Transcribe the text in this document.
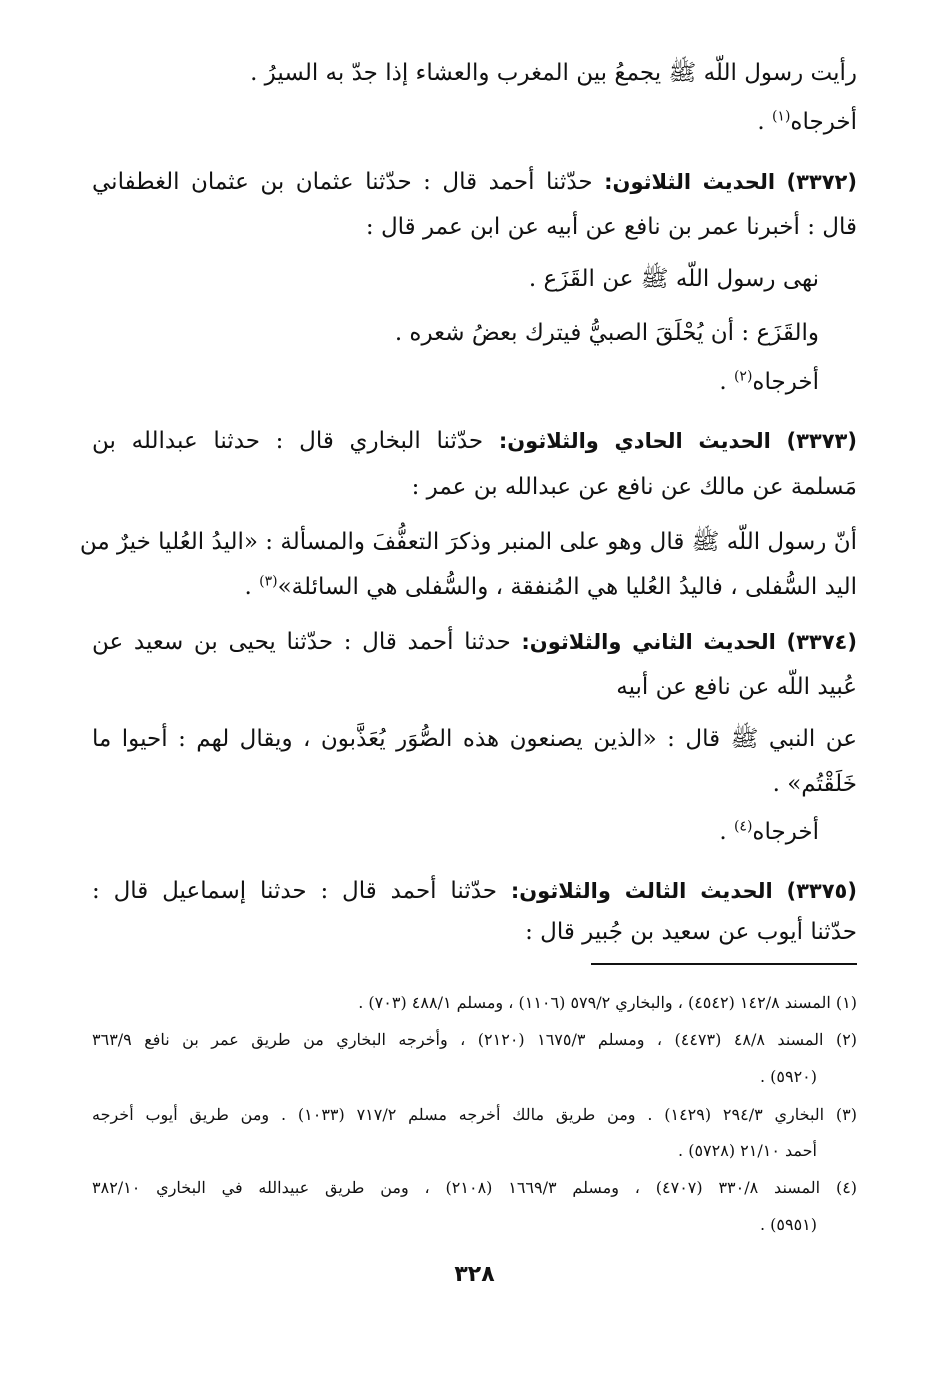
رأيت رسول اللّه ﷺ يجمعُ بين المغرب والعشاء إذا جدّ به السيرُ .
أخرجاه$^{(١)}$ .
(٣٣٧٢) الحديث الثلاثون: حدّثنا أحمد قال : حدّثنا عثمان بن عثمان الغطفاني
قال : أخبرنا عمر بن نافع عن أبيه عن ابن عمر قال :
نهى رسول اللّه ﷺ عن القَزَع .
والقَزَع : أن يُحْلَقَ الصبيُّ فيترك بعضُ شعره .
أخرجاه$^{(٢)}$ .
(٣٣٧٣) الحديث الحادي والثلاثون: حدّثنا البخاري قال : حدثنا عبدالله بن
مَسلمة عن مالك عن نافع عن عبدالله بن عمر :
أنّ رسول اللّه ﷺ قال وهو على المنبر وذكرَ التعفُّفَ والمسألة : «اليدُ العُليا خيرٌ من
اليد السُّفلى ، فاليدُ العُليا هي المُنفقة ، والسُّفلى هي السائلة»$^{(٣)}$ .
(٣٣٧٤) الحديث الثاني والثلاثون: حدثنا أحمد قال : حدّثنا يحيى بن سعيد عن
عُبيد اللّه عن نافع عن أبيه
عن النبي ﷺ قال : «الذين يصنعون هذه الصُّوَر يُعَذَّبون ، ويقال لهم : أحيوا ما
خَلَقْتُم» .
أخرجاه$^{(٤)}$ .
(٣٣٧٥) الحديث الثالث والثلاثون: حدّثنا أحمد قال : حدثنا إسماعيل قال :
حدّثنا أيوب عن سعيد بن جُبير قال :
(١) المسند ١٤٢/٨ (٤٥٤٢) ، والبخاري ٥٧٩/٢ (١١٠٦) ، ومسلم ٤٨٨/١ (٧٠٣) .
(٢) المسند ٤٨/٨ (٤٤٧٣) ، ومسلم ١٦٧٥/٣ (٢١٢٠) ، وأخرجه البخاري من طريق عمر بن نافع ٣٦٣/٩
(٥٩٢٠) .
(٣) البخاري ٢٩٤/٣ (١٤٢٩) . ومن طريق مالك أخرجه مسلم ٧١٧/٢ (١٠٣٣) . ومن طريق أيوب أخرجه
أحمد ٢١/١٠ (٥٧٢٨) .
(٤) المسند ٣٣٠/٨ (٤٧٠٧) ، ومسلم ١٦٦٩/٣ (٢١٠٨) ، ومن طريق عبيدالله في البخاري ٣٨٢/١٠
(٥٩٥١) .
٣٢٨
